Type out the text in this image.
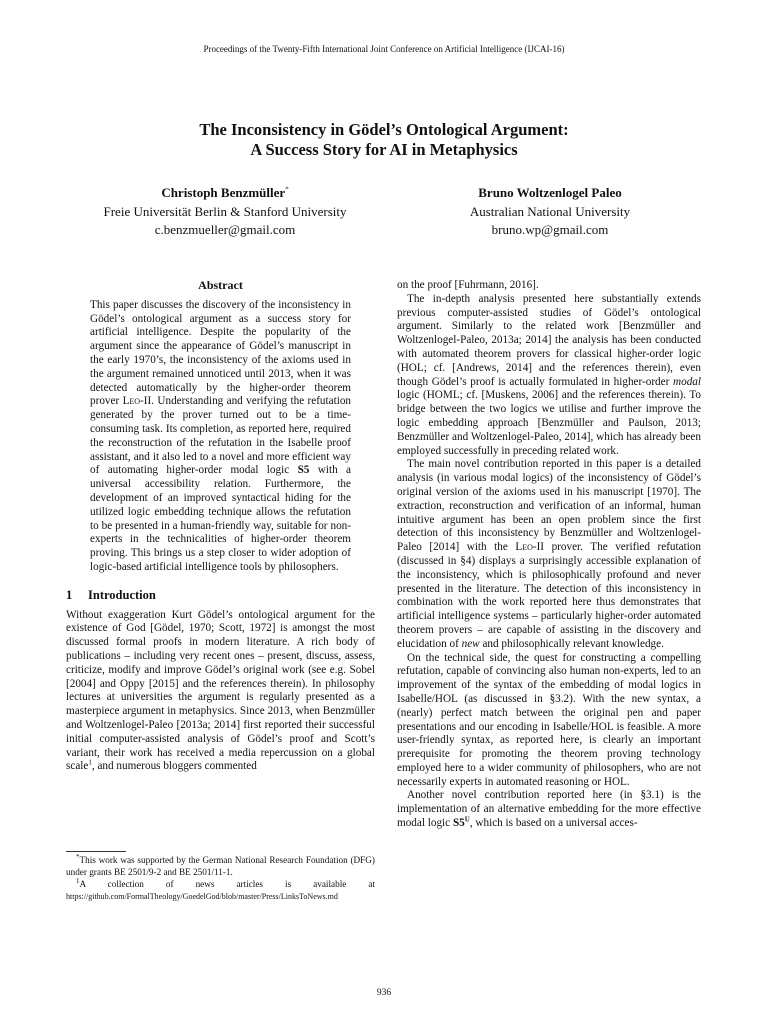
Proceedings of the Twenty-Fifth International Joint Conference on Artificial Intelligence (IJCAI-16)
The Inconsistency in Gödel’s Ontological Argument:
A Success Story for AI in Metaphysics
Christoph Benzmüller*
Freie Universität Berlin & Stanford University
c.benzmueller@gmail.com
Bruno Woltzenlogel Paleo
Australian National University
bruno.wp@gmail.com
Abstract
This paper discusses the discovery of the inconsistency in Gödel’s ontological argument as a success story for artificial intelligence. Despite the popularity of the argument since the appearance of Gödel’s manuscript in the early 1970’s, the inconsistency of the axioms used in the argument remained unnoticed until 2013, when it was detected automatically by the higher-order theorem prover Leo-II. Understanding and verifying the refutation generated by the prover turned out to be a time-consuming task. Its completion, as reported here, required the reconstruction of the refutation in the Isabelle proof assistant, and it also led to a novel and more efficient way of automating higher-order modal logic S5 with a universal accessibility relation. Furthermore, the development of an improved syntactical hiding for the utilized logic embedding technique allows the refutation to be presented in a human-friendly way, suitable for non-experts in the technicalities of higher-order theorem proving. This brings us a step closer to wider adoption of logic-based artificial intelligence tools by philosophers.
1 Introduction

Without exaggeration Kurt Gödel’s ontological argument for the existence of God [Gödel, 1970; Scott, 1972] is amongst the most discussed formal proofs in modern literature. A rich body of publications – including very recent ones – present, discuss, assess, criticize, modify and improve Gödel’s original work (see e.g. Sobel [2004] and Oppy [2015] and the references therein). In philosophy lectures at universities the argument is regularly presented as a masterpiece argument in metaphysics. Since 2013, when Benzmüller and Woltzenlogel-Paleo [2013a; 2014] first reported their successful initial computer-assisted analysis of Gödel’s proof and Scott’s variant, their work has received a media repercussion on a global scale$^1$, and numerous bloggers commented

on the proof [Fuhrmann, 2016].

The in-depth analysis presented here substantially extends previous computer-assisted studies of Gödel’s ontological argument. Similarly to the related work [Benzmüller and Woltzenlogel-Paleo, 2013a; 2014] the analysis has been conducted with automated theorem provers for classical higher-order logic (HOL; cf. [Andrews, 2014] and the references therein), even though Gödel’s proof is actually formulated in higher-order modal logic (HOML; cf. [Muskens, 2006] and the references therein). To bridge between the two logics we utilise and further improve the logic embedding approach [Benzmüller and Paulson, 2013; Benzmüller and Woltzenlogel-Paleo, 2014], which has already been employed successfully in preceding related work.

The main novel contribution reported in this paper is a detailed analysis (in various modal logics) of the inconsistency of Gödel’s original version of the axioms used in his manuscript [1970]. The extraction, reconstruction and verification of an informal, human intuitive argument has been an open problem since the first detection of this inconsistency by Benzmüller and Woltzenlogel-Paleo [2014] with the Leo-II prover. The verified refutation (discussed in §4) displays a surprisingly accessible explanation of the inconsistency, which is philosophically profound and never presented in the literature. The detection of this inconsistency in combination with the work reported here thus demonstrates that artificial intelligence systems – particularly higher-order automated theorem provers – are capable of assisting in the discovery and elucidation of new and philosophically relevant knowledge.

On the technical side, the quest for constructing a compelling refutation, capable of convincing also human non-experts, led to an improvement of the syntax of the embedding of modal logics in Isabelle/HOL (as discussed in §3.2). With the new syntax, a (nearly) perfect match between the original pen and paper presentations and our encoding in Isabelle/HOL is feasible. A more user-friendly syntax, as reported here, is clearly an important prerequisite for promoting the theorem proving technology employed here to a wider community of philosophers, who are not necessarily experts in automated reasoning or HOL.

Another novel contribution reported here (in §3.1) is the implementation of an alternative embedding for the more effective modal logic $S5^U$, which is based on a universal acces-

*This work was supported by the German National Research Foundation (DFG) under grants BE 2501/9-2 and BE 2501/11-1.
$^1$A collection of news articles is available at https://github.com/FormalTheology/GoedelGod/blob/master/Press/LinksToNews.md
936
